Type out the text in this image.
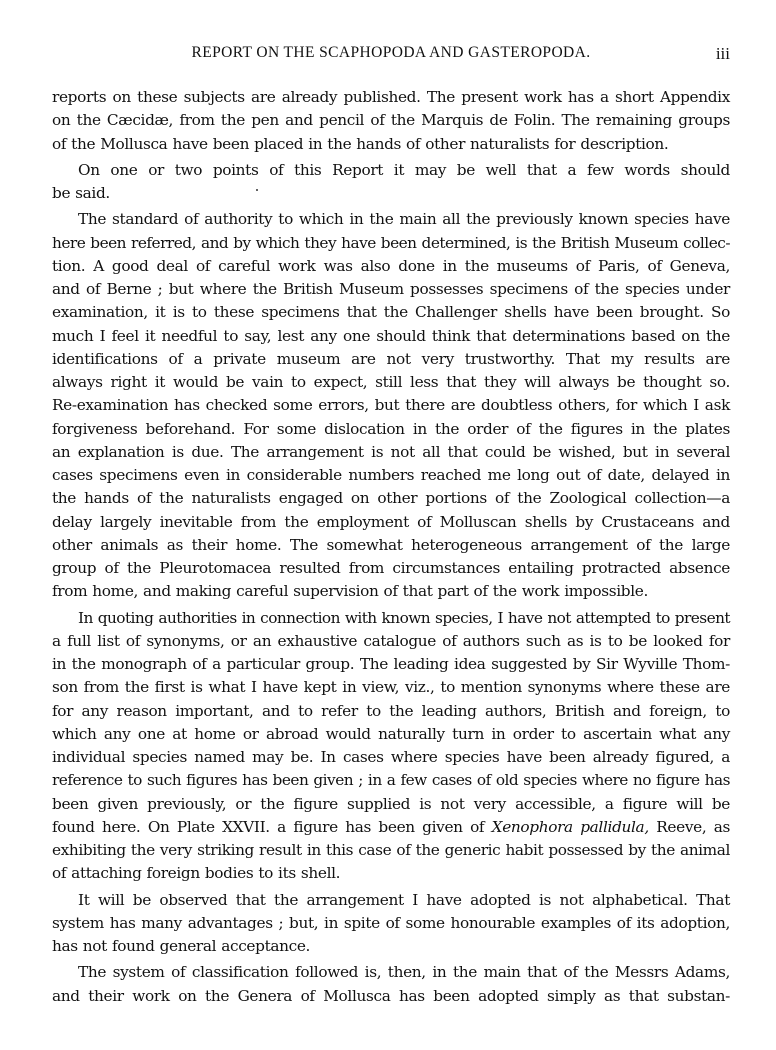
REPORT ON THE SCAPHOPODA AND GASTEROPODA.	iii
reports on these subjects are already published. The present work has a short Appendix
on the Cæcidæ, from the pen and pencil of the Marquis de Folin. The remaining groups
of the Mollusca have been placed in the hands of other naturalists for description.
On one or two points of this Report it may be well that a few words should
be said.
The standard of authority to which in the main all the previously known species have
here been referred, and by which they have been determined, is the British Museum collec-
tion. A good deal of careful work was also done in the museums of Paris, of Geneva,
and of Berne ; but where the British Museum possesses specimens of the species under
examination, it is to these specimens that the Challenger shells have been brought. So
much I feel it needful to say, lest any one should think that determinations based on the
identifications of a private museum are not very trustworthy. That my results are
always right it would be vain to expect, still less that they will always be thought so.
Re-examination has checked some errors, but there are doubtless others, for which I ask
forgiveness beforehand. For some dislocation in the order of the figures in the plates
an explanation is due. The arrangement is not all that could be wished, but in several
cases specimens even in considerable numbers reached me long out of date, delayed in
the hands of the naturalists engaged on other portions of the Zoological collection—a
delay largely inevitable from the employment of Molluscan shells by Crustaceans and
other animals as their home. The somewhat heterogeneous arrangement of the large
group of the Pleurotomacea resulted from circumstances entailing protracted absence
from home, and making careful supervision of that part of the work impossible.
In quoting authorities in connection with known species, I have not attempted to present
a full list of synonyms, or an exhaustive catalogue of authors such as is to be looked for
in the monograph of a particular group. The leading idea suggested by Sir Wyville Thom-
son from the first is what I have kept in view, viz., to mention synonyms where these are
for any reason important, and to refer to the leading authors, British and foreign, to
which any one at home or abroad would naturally turn in order to ascertain what any
individual species named may be. In cases where species have been already figured, a
reference to such figures has been given ; in a few cases of old species where no figure has
been given previously, or the figure supplied is not very accessible, a figure will be
found here. On Plate XXVII. a figure has been given of Xenophora pallidula, Reeve, as
exhibiting the very striking result in this case of the generic habit possessed by the animal
of attaching foreign bodies to its shell.
It will be observed that the arrangement I have adopted is not alphabetical. That
system has many advantages ; but, in spite of some honourable examples of its adoption,
has not found general acceptance.
The system of classification followed is, then, in the main that of the Messrs Adams,
and their work on the Genera of Mollusca has been adopted simply as that substan-
